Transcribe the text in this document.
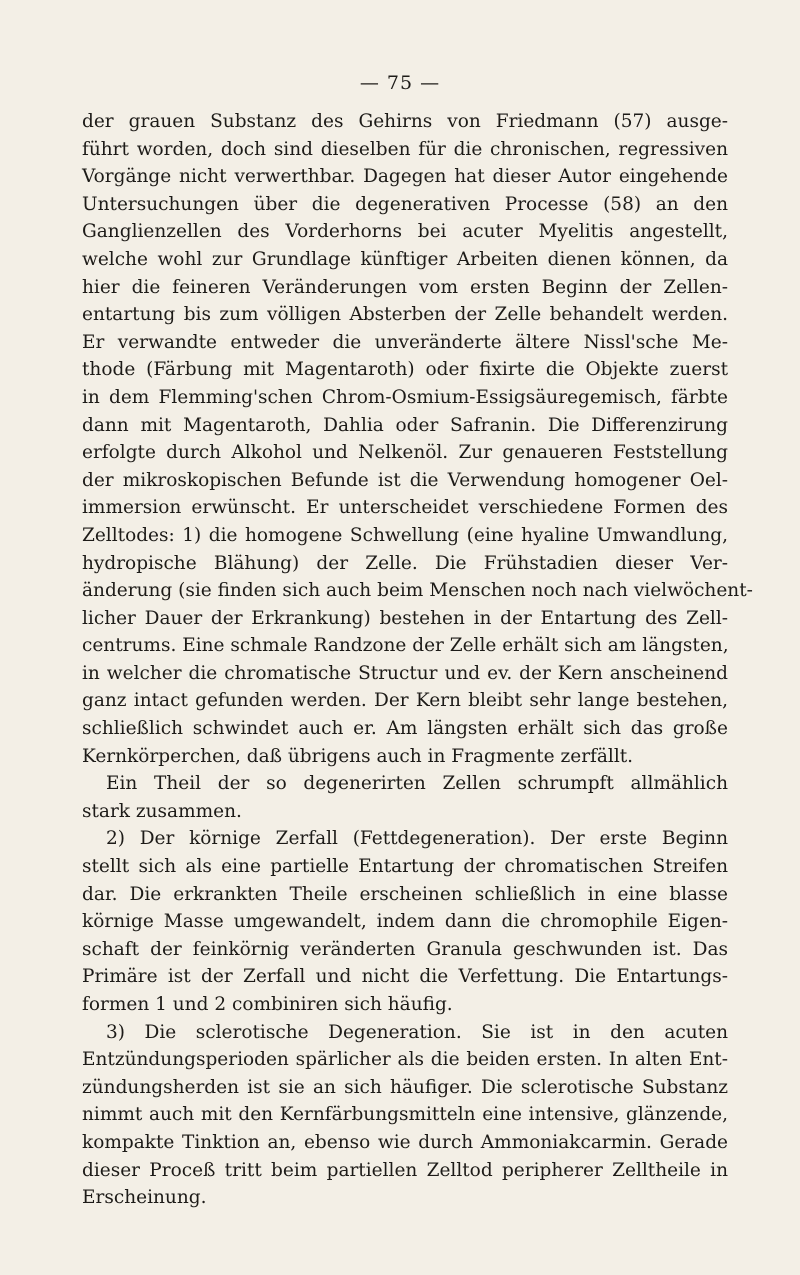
— 75 —
der grauen Substanz des Gehirns von Friedmann (57) ausge-
führt worden, doch sind dieselben für die chronischen, regressiven
Vorgänge nicht verwerthbar. Dagegen hat dieser Autor eingehende
Untersuchungen über die degenerativen Processe (58) an den
Ganglienzellen des Vorderhorns bei acuter Myelitis angestellt,
welche wohl zur Grundlage künftiger Arbeiten dienen können, da
hier die feineren Veränderungen vom ersten Beginn der Zellen-
entartung bis zum völligen Absterben der Zelle behandelt werden.
Er verwandte entweder die unveränderte ältere Nissl'sche Me-
thode (Färbung mit Magentaroth) oder fixirte die Objekte zuerst
in dem Flemming'schen Chrom-Osmium-Essigsäuregemisch, färbte
dann mit Magentaroth, Dahlia oder Safranin. Die Differenzirung
erfolgte durch Alkohol und Nelkenöl. Zur genaueren Feststellung
der mikroskopischen Befunde ist die Verwendung homogener Oel-
immersion erwünscht. Er unterscheidet verschiedene Formen des
Zelltodes: 1) die homogene Schwellung (eine hyaline Umwandlung,
hydropische Blähung) der Zelle. Die Frühstadien dieser Ver-
änderung (sie finden sich auch beim Menschen noch nach vielwöchent-
licher Dauer der Erkrankung) bestehen in der Entartung des Zell-
centrums. Eine schmale Randzone der Zelle erhält sich am längsten,
in welcher die chromatische Structur und ev. der Kern anscheinend
ganz intact gefunden werden. Der Kern bleibt sehr lange bestehen,
schließlich schwindet auch er. Am längsten erhält sich das große
Kernkörperchen, daß übrigens auch in Fragmente zerfällt.
Ein Theil der so degenerirten Zellen schrumpft allmählich
stark zusammen.
2) Der körnige Zerfall (Fettdegeneration). Der erste Beginn
stellt sich als eine partielle Entartung der chromatischen Streifen
dar. Die erkrankten Theile erscheinen schließlich in eine blasse
körnige Masse umgewandelt, indem dann die chromophile Eigen-
schaft der feinkörnig veränderten Granula geschwunden ist. Das
Primäre ist der Zerfall und nicht die Verfettung. Die Entartungs-
formen 1 und 2 combiniren sich häufig.
3) Die sclerotische Degeneration. Sie ist in den acuten
Entzündungsperioden spärlicher als die beiden ersten. In alten Ent-
zündungsherden ist sie an sich häufiger. Die sclerotische Substanz
nimmt auch mit den Kernfärbungsmitteln eine intensive, glänzende,
kompakte Tinktion an, ebenso wie durch Ammoniakcarmin. Gerade
dieser Proceß tritt beim partiellen Zelltod peripherer Zelltheile in
Erscheinung.
